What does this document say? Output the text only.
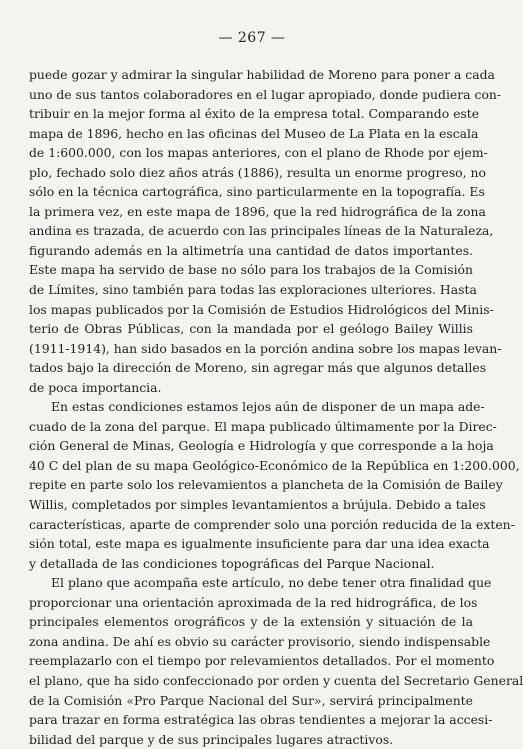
— 267 —
puede gozar y admirar la singular habilidad de Moreno para poner a cada
uno de sus tantos colaboradores en el lugar apropiado, donde pudiera con-
tribuir en la mejor forma al éxito de la empresa total. Comparando este
mapa de 1896, hecho en las oficinas del Museo de La Plata en la escala
de 1:600.000, con los mapas anteriores, con el plano de Rhode por ejem-
plo, fechado solo diez años atrás (1886), resulta un enorme progreso, no
sólo en la técnica cartográfica, sino particularmente en la topografía. Es
la primera vez, en este mapa de 1896, que la red hidrográfica de la zona
andina es trazada, de acuerdo con las principales líneas de la Naturaleza,
figurando además en la altimetría una cantidad de datos importantes.
Este mapa ha servido de base no sólo para los trabajos de la Comisión
de Límites, sino también para todas las exploraciones ulteriores. Hasta
los mapas publicados por la Comisión de Estudios Hidrológicos del Minis-
terio de Obras Públicas, con la mandada por el geólogo Bailey Willis
(1911-1914), han sido basados en la porción andina sobre los mapas levan-
tados bajo la dirección de Moreno, sin agregar más que algunos detalles
de poca importancia.
En estas condiciones estamos lejos aún de disponer de un mapa ade-
cuado de la zona del parque. El mapa publicado últimamente por la Direc-
ción General de Minas, Geología e Hidrología y que corresponde a la hoja
40 C del plan de su mapa Geológico-Económico de la República en 1:200.000,
repite en parte solo los relevamientos a plancheta de la Comisión de Bailey
Willis, completados por simples levantamientos a brújula. Debido a tales
características, aparte de comprender solo una porción reducida de la exten-
sión total, este mapa es igualmente insuficiente para dar una idea exacta
y detallada de las condiciones topográficas del Parque Nacional.
El plano que acompaña este artículo, no debe tener otra finalidad que
proporcionar una orientación aproximada de la red hidrográfica, de los
principales elementos orográficos y de la extensión y situación de la
zona andina. De ahí es obvio su carácter provisorio, siendo indispensable
reemplazarlo con el tiempo por relevamientos detallados. Por el momento
el plano, que ha sido confeccionado por orden y cuenta del Secretario General
de la Comisión «Pro Parque Nacional del Sur», servirá principalmente
para trazar en forma estratégica las obras tendientes a mejorar la accesi-
bilidad del parque y de sus principales lugares atractivos.
